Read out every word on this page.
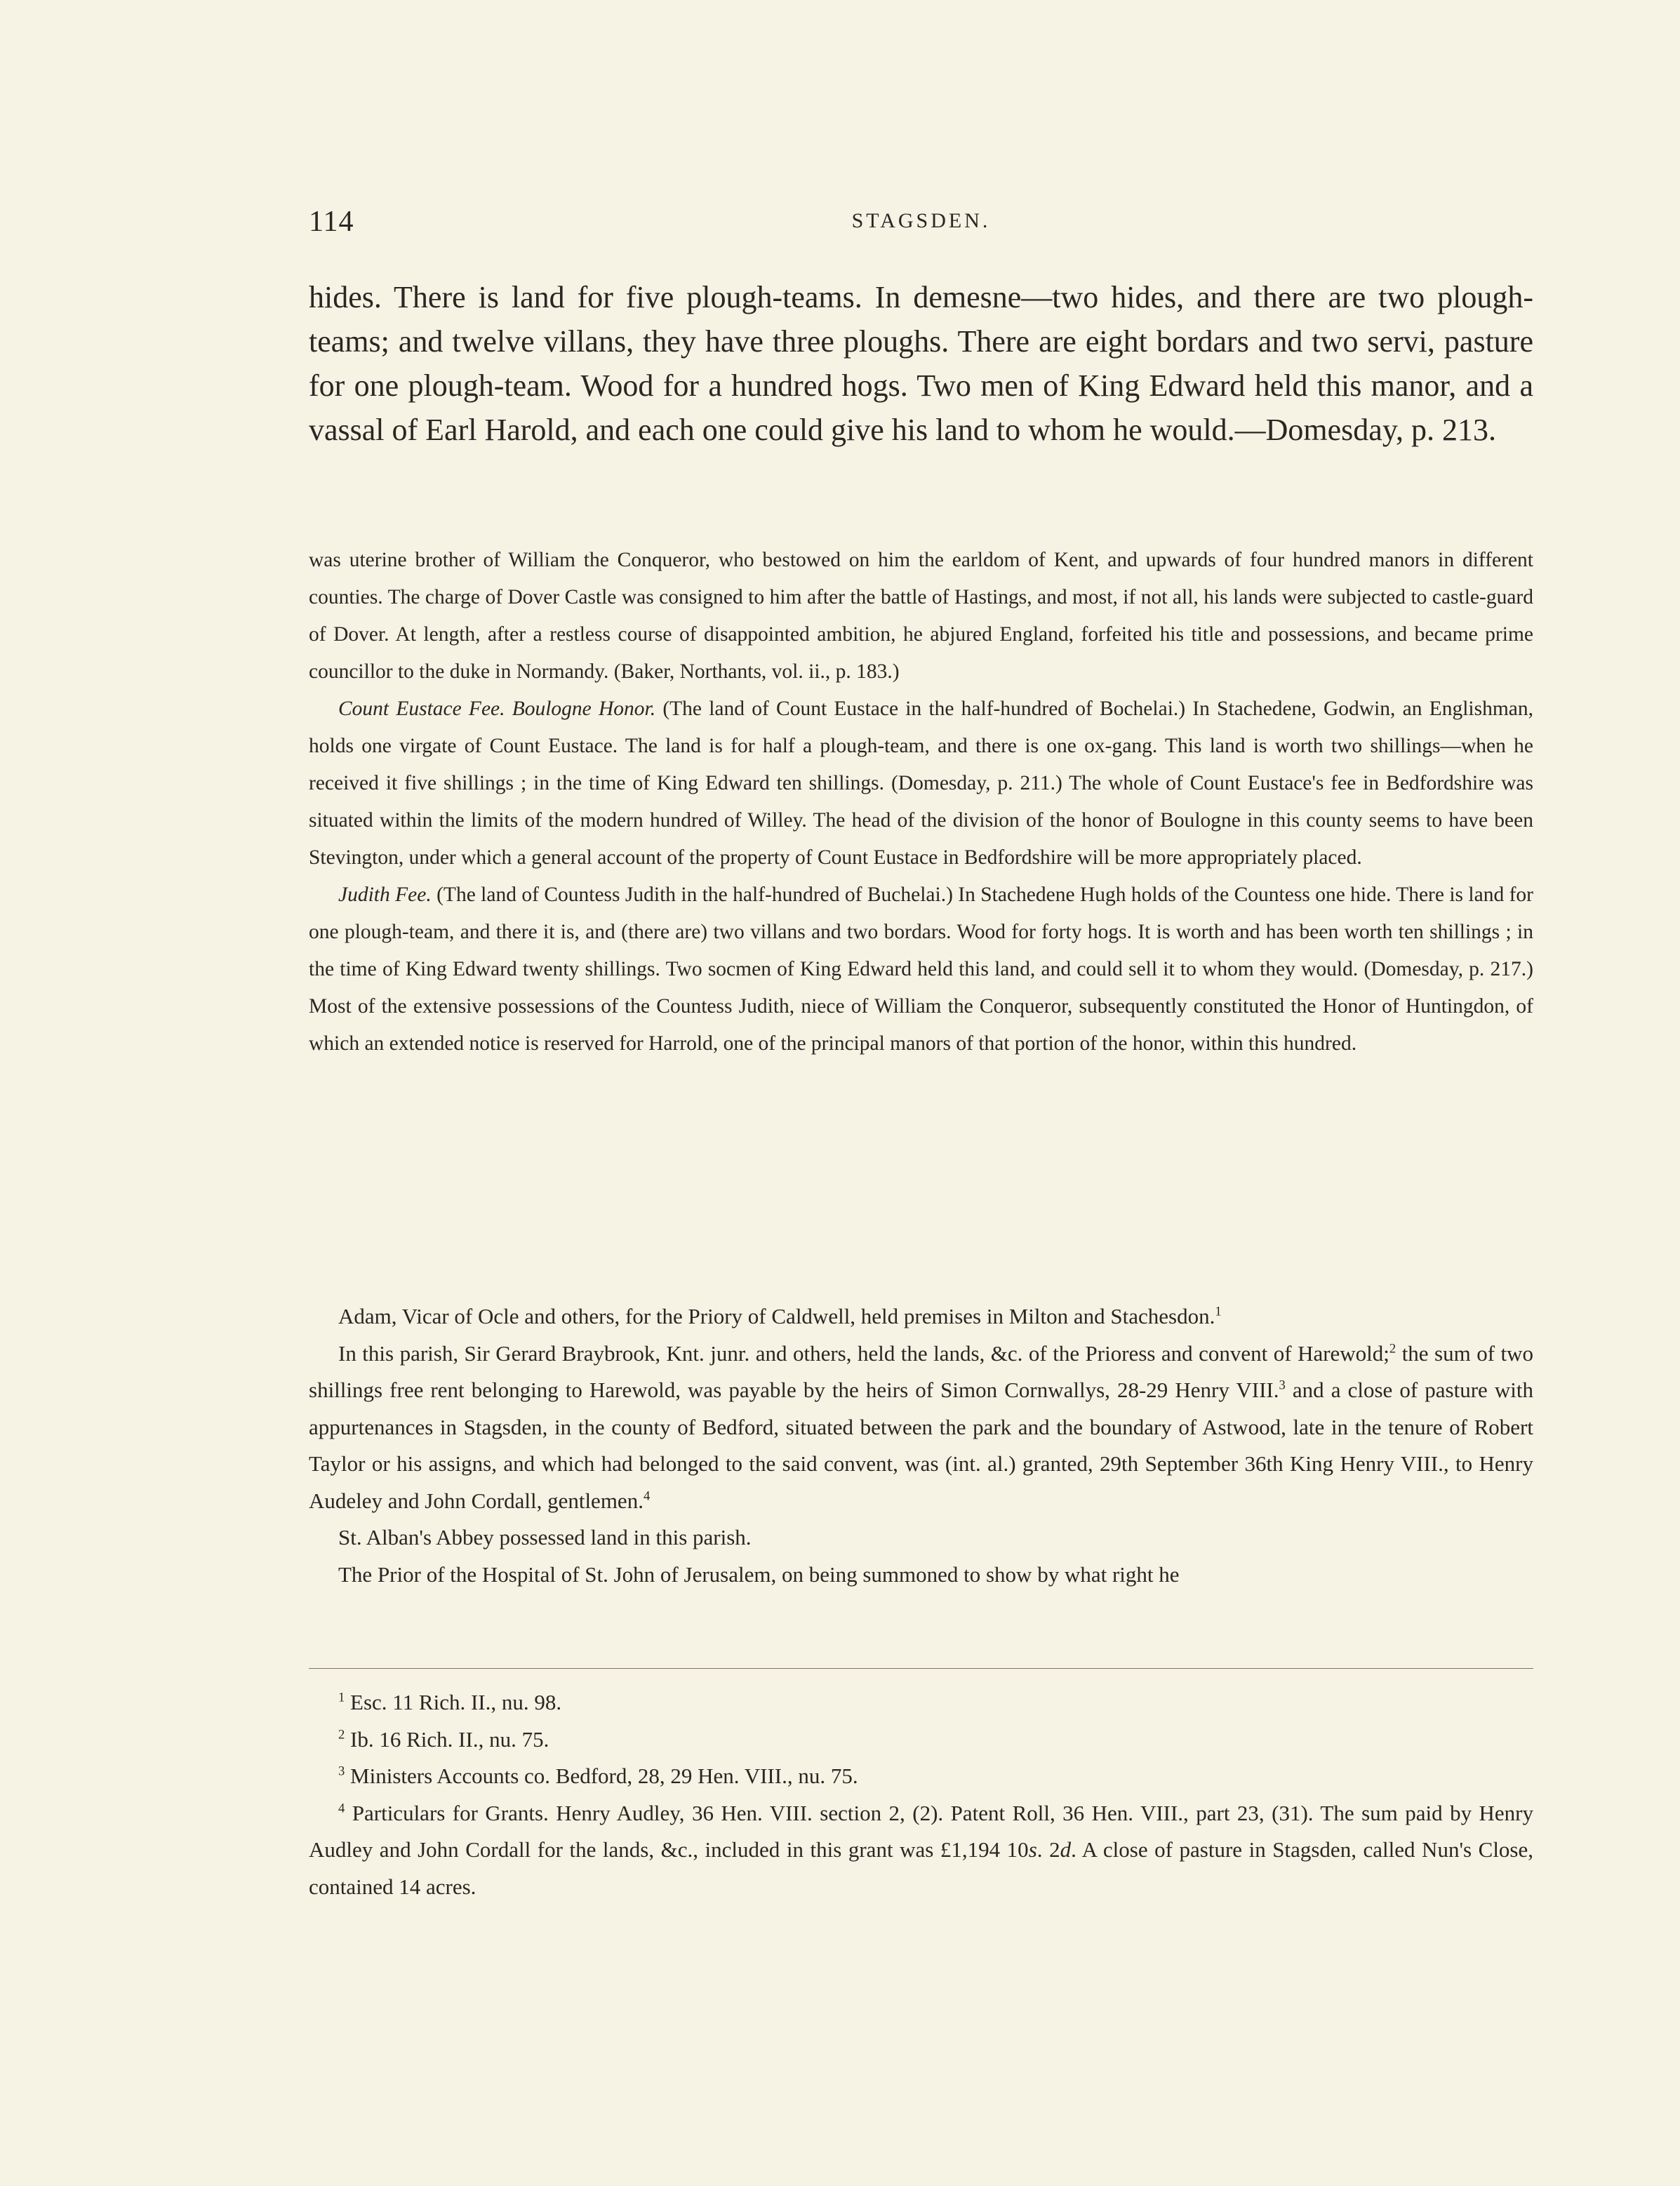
114	STAGSDEN.

hides. There is land for five plough-teams. In demesne—two hides, and there are two plough-teams; and twelve villans, they have three ploughs. There are eight bordars and two servi, pasture for one plough-team. Wood for a hundred hogs. Two men of King Edward held this manor, and a vassal of Earl Harold, and each one could give his land to whom he would.—Domesday, p. 213.

was uterine brother of William the Conqueror, who bestowed on him the earldom of Kent, and upwards of four hundred manors in different counties. The charge of Dover Castle was consigned to him after the battle of Hastings, and most, if not all, his lands were subjected to castle-guard of Dover. At length, after a restless course of disappointed ambition, he abjured England, forfeited his title and possessions, and became prime councillor to the duke in Normandy. (Baker, Northants, vol. ii., p. 183.)

Count Eustace Fee. Boulogne Honor. (The land of Count Eustace in the half-hundred of Bochelai.) In Stachedene, Godwin, an Englishman, holds one virgate of Count Eustace. The land is for half a plough-team, and there is one ox-gang. This land is worth two shillings—when he received it five shillings ; in the time of King Edward ten shillings. (Domesday, p. 211.) The whole of Count Eustace's fee in Bedfordshire was situated within the limits of the modern hundred of Willey. The head of the division of the honor of Boulogne in this county seems to have been Stevington, under which a general account of the property of Count Eustace in Bedfordshire will be more appropriately placed.

Judith Fee. (The land of Countess Judith in the half-hundred of Buchelai.) In Stachedene Hugh holds of the Countess one hide. There is land for one plough-team, and there it is, and (there are) two villans and two bordars. Wood for forty hogs. It is worth and has been worth ten shillings ; in the time of King Edward twenty shillings. Two socmen of King Edward held this land, and could sell it to whom they would. (Domesday, p. 217.) Most of the extensive possessions of the Countess Judith, niece of William the Conqueror, subsequently constituted the Honor of Huntingdon, of which an extended notice is reserved for Harrold, one of the principal manors of that portion of the honor, within this hundred.

Adam, Vicar of Ocle and others, for the Priory of Caldwell, held premises in Milton and Stachesdon.$^1$

In this parish, Sir Gerard Braybrook, Knt. junr. and others, held the lands, &c. of the Prioress and convent of Harewold;$^2$ the sum of two shillings free rent belonging to Harewold, was payable by the heirs of Simon Cornwallys, 28-29 Henry VIII.$^3$ and a close of pasture with appurtenances in Stagsden, in the county of Bedford, situated between the park and the boundary of Astwood, late in the tenure of Robert Taylor or his assigns, and which had belonged to the said convent, was (int. al.) granted, 29th September 36th King Henry VIII., to Henry Audeley and John Cordall, gentlemen.$^4$

St. Alban's Abbey possessed land in this parish.

The Prior of the Hospital of St. John of Jerusalem, on being summoned to show by what right he

$^1$ Esc. 11 Rich. II., nu. 98.

$^2$ Ib. 16 Rich. II., nu. 75.

$^3$ Ministers Accounts co. Bedford, 28, 29 Hen. VIII., nu. 75.

$^4$ Particulars for Grants. Henry Audley, 36 Hen. VIII. section 2, (2). Patent Roll, 36 Hen. VIII., part 23, (31). The sum paid by Henry Audley and John Cordall for the lands, &c., included in this grant was £1,194 10s. 2d. A close of pasture in Stagsden, called Nun's Close, contained 14 acres.
